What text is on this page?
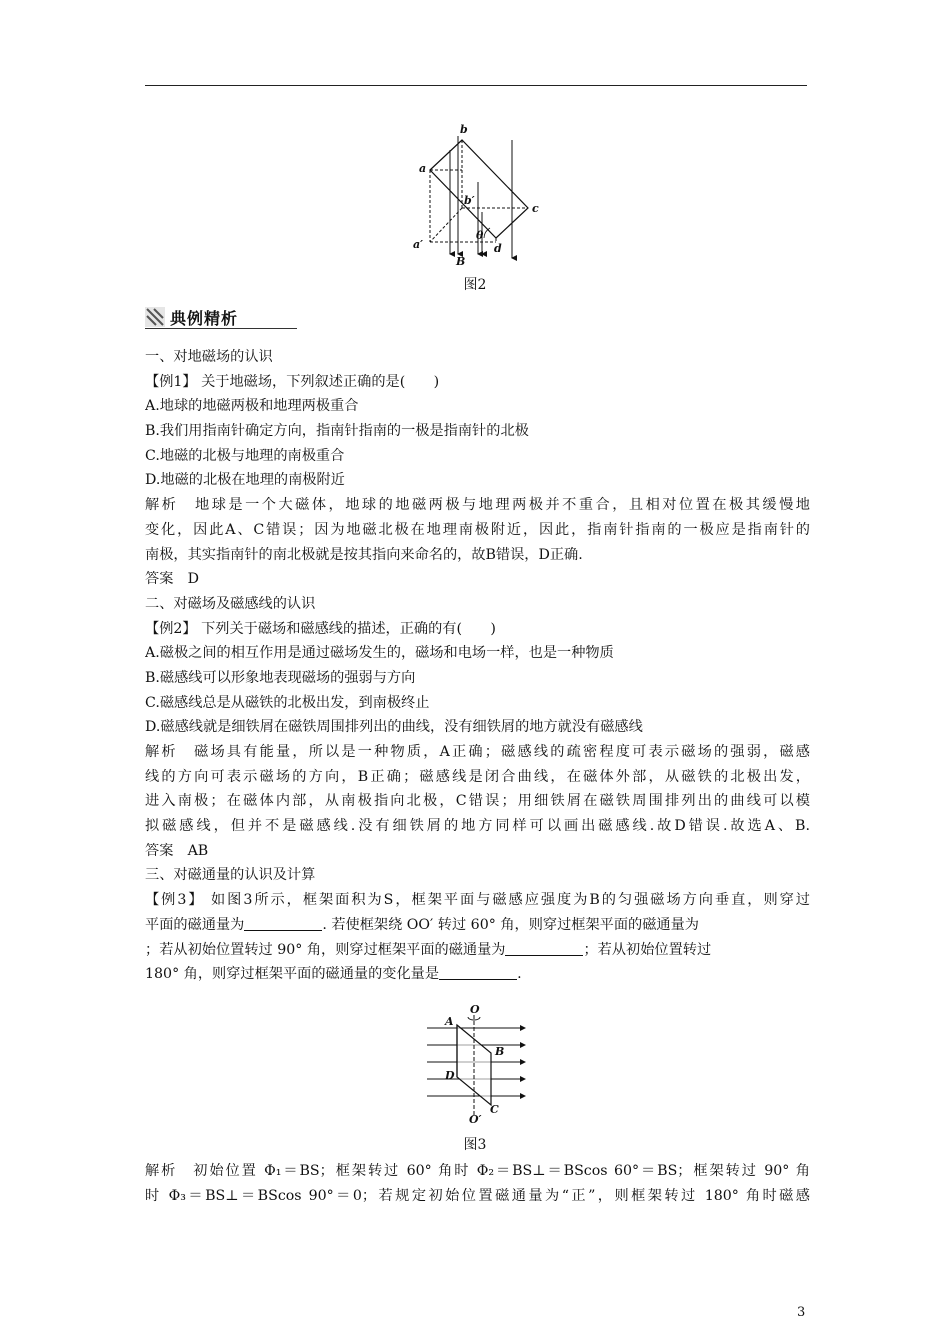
a
b
b′
c
d
a′
B
θ
图2
典例精析
一、对地磁场的认识
【例1】 关于地磁场，下列叙述正确的是(　　)
A.地球的地磁两极和地理两极重合
B.我们用指南针确定方向，指南针指南的一极是指南针的北极
C.地磁的北极与地理的南极重合
D.地磁的北极在地理的南极附近
解析　地球是一个大磁体，地球的地磁两极与地理两极并不重合，且相对位置在极其缓慢地
变化，因此A、C错误；因为地磁北极在地理南极附近，因此，指南针指南的一极应是指南针的
南极，其实指南针的南北极就是按其指向来命名的，故B错误，D正确.
答案　D
二、对磁场及磁感线的认识
【例2】 下列关于磁场和磁感线的描述，正确的有(　　)
A.磁极之间的相互作用是通过磁场发生的，磁场和电场一样，也是一种物质
B.磁感线可以形象地表现磁场的强弱与方向
C.磁感线总是从磁铁的北极出发，到南极终止
D.磁感线就是细铁屑在磁铁周围排列出的曲线，没有细铁屑的地方就没有磁感线
解析　磁场具有能量，所以是一种物质，A正确；磁感线的疏密程度可表示磁场的强弱，磁感
线的方向可表示磁场的方向，B正确；磁感线是闭合曲线，在磁体外部，从磁铁的北极出发，
进入南极；在磁体内部，从南极指向北极，C错误；用细铁屑在磁铁周围排列出的曲线可以模
拟磁感线，但并不是磁感线.没有细铁屑的地方同样可以画出磁感线.故D错误.故选A、B.
答案　AB
三、对磁通量的认识及计算
【例3】 如图3所示，框架面积为S，框架平面与磁感应强度为B的匀强磁场方向垂直，则穿过
平面的磁通量为	. 若使框架绕 OO′ 转过 60° 角，则穿过框架平面的磁通量为
；若从初始位置转过 90° 角，则穿过框架平面的磁通量为	；若从初始位置转过
180° 角，则穿过框架平面的磁通量的变化量是	.
O
A
B
D
O′
C
图3
解析　初始位置 Φ₁＝BS；框架转过 60° 角时 Φ₂＝BS⊥＝BScos 60°＝BS；框架转过 90° 角
时 Φ₃＝BS⊥＝BScos 90°＝0；若规定初始位置磁通量为“正”，则框架转过 180° 角时磁感
3
